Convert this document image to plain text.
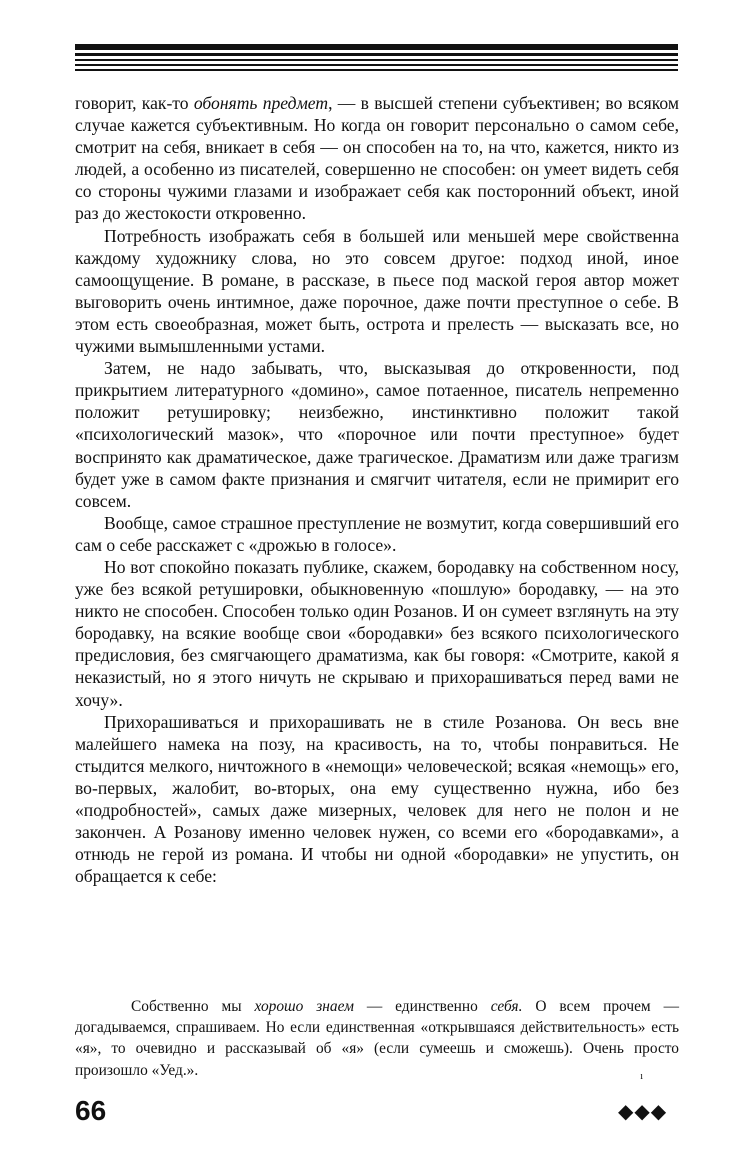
говорит, как-то обонять предмет, — в высшей степени субъективен; во всяком случае кажется субъективным. Но когда он говорит персонально о самом себе, смотрит на себя, вникает в себя — он способен на то, на что, кажется, никто из людей, а особенно из писателей, совершенно не способен: он умеет видеть себя со стороны чужими глазами и изображает себя как посторонний объект, иной раз до жестокости откровенно.

Потребность изображать себя в большей или меньшей мере свойственна каждому художнику слова, но это совсем другое: подход иной, иное самоощущение. В романе, в рассказе, в пьесе под маской героя автор может выговорить очень интимное, даже порочное, даже почти преступное о себе. В этом есть своеобразная, может быть, острота и прелесть — высказать все, но чужими вымышленными устами.

Затем, не надо забывать, что, высказывая до откровенности, под прикрытием литературного «домино», самое потаенное, писатель непременно положит ретушировку; неизбежно, инстинктивно положит такой «психологический мазок», что «порочное или почти преступное» будет воспринято как драматическое, даже трагическое. Драматизм или даже трагизм будет уже в самом факте признания и смягчит читателя, если не примирит его совсем.

Вообще, самое страшное преступление не возмутит, когда совершивший его сам о себе расскажет с «дрожью в голосе».

Но вот спокойно показать публике, скажем, бородавку на собственном носу, уже без всякой ретушировки, обыкновенную «пошлую» бородавку, — на это никто не способен. Способен только один Розанов. И он сумеет взглянуть на эту бородавку, на всякие вообще свои «бородавки» без всякого психологического предисловия, без смягчающего драматизма, как бы говоря: «Смотрите, какой я неказистый, но я этого ничуть не скрываю и прихорашиваться перед вами не хочу».

Прихорашиваться и прихорашивать не в стиле Розанова. Он весь вне малейшего намека на позу, на красивость, на то, чтобы понравиться. Не стыдится мелкого, ничтожного в «немощи» человеческой; всякая «немощь» его, во-первых, жалобит, во-вторых, она ему существенно нужна, ибо без «подробностей», самых даже мизерных, человек для него не полон и не закончен. А Розанову именно человек нужен, со всеми его «бородавками», а отнюдь не герой из романа. И чтобы ни одной «бородавки» не упустить, он обращается к себе:

Собственно мы хорошо знаем — единственно себя. О всем прочем — догадываемся, спрашиваем. Но если единственная «открывшаяся действительность» есть «я», то очевидно и рассказывай об «я» (если сумеешь и сможешь). Очень просто произошло «Уед.».	ı
66	◆◆◆
